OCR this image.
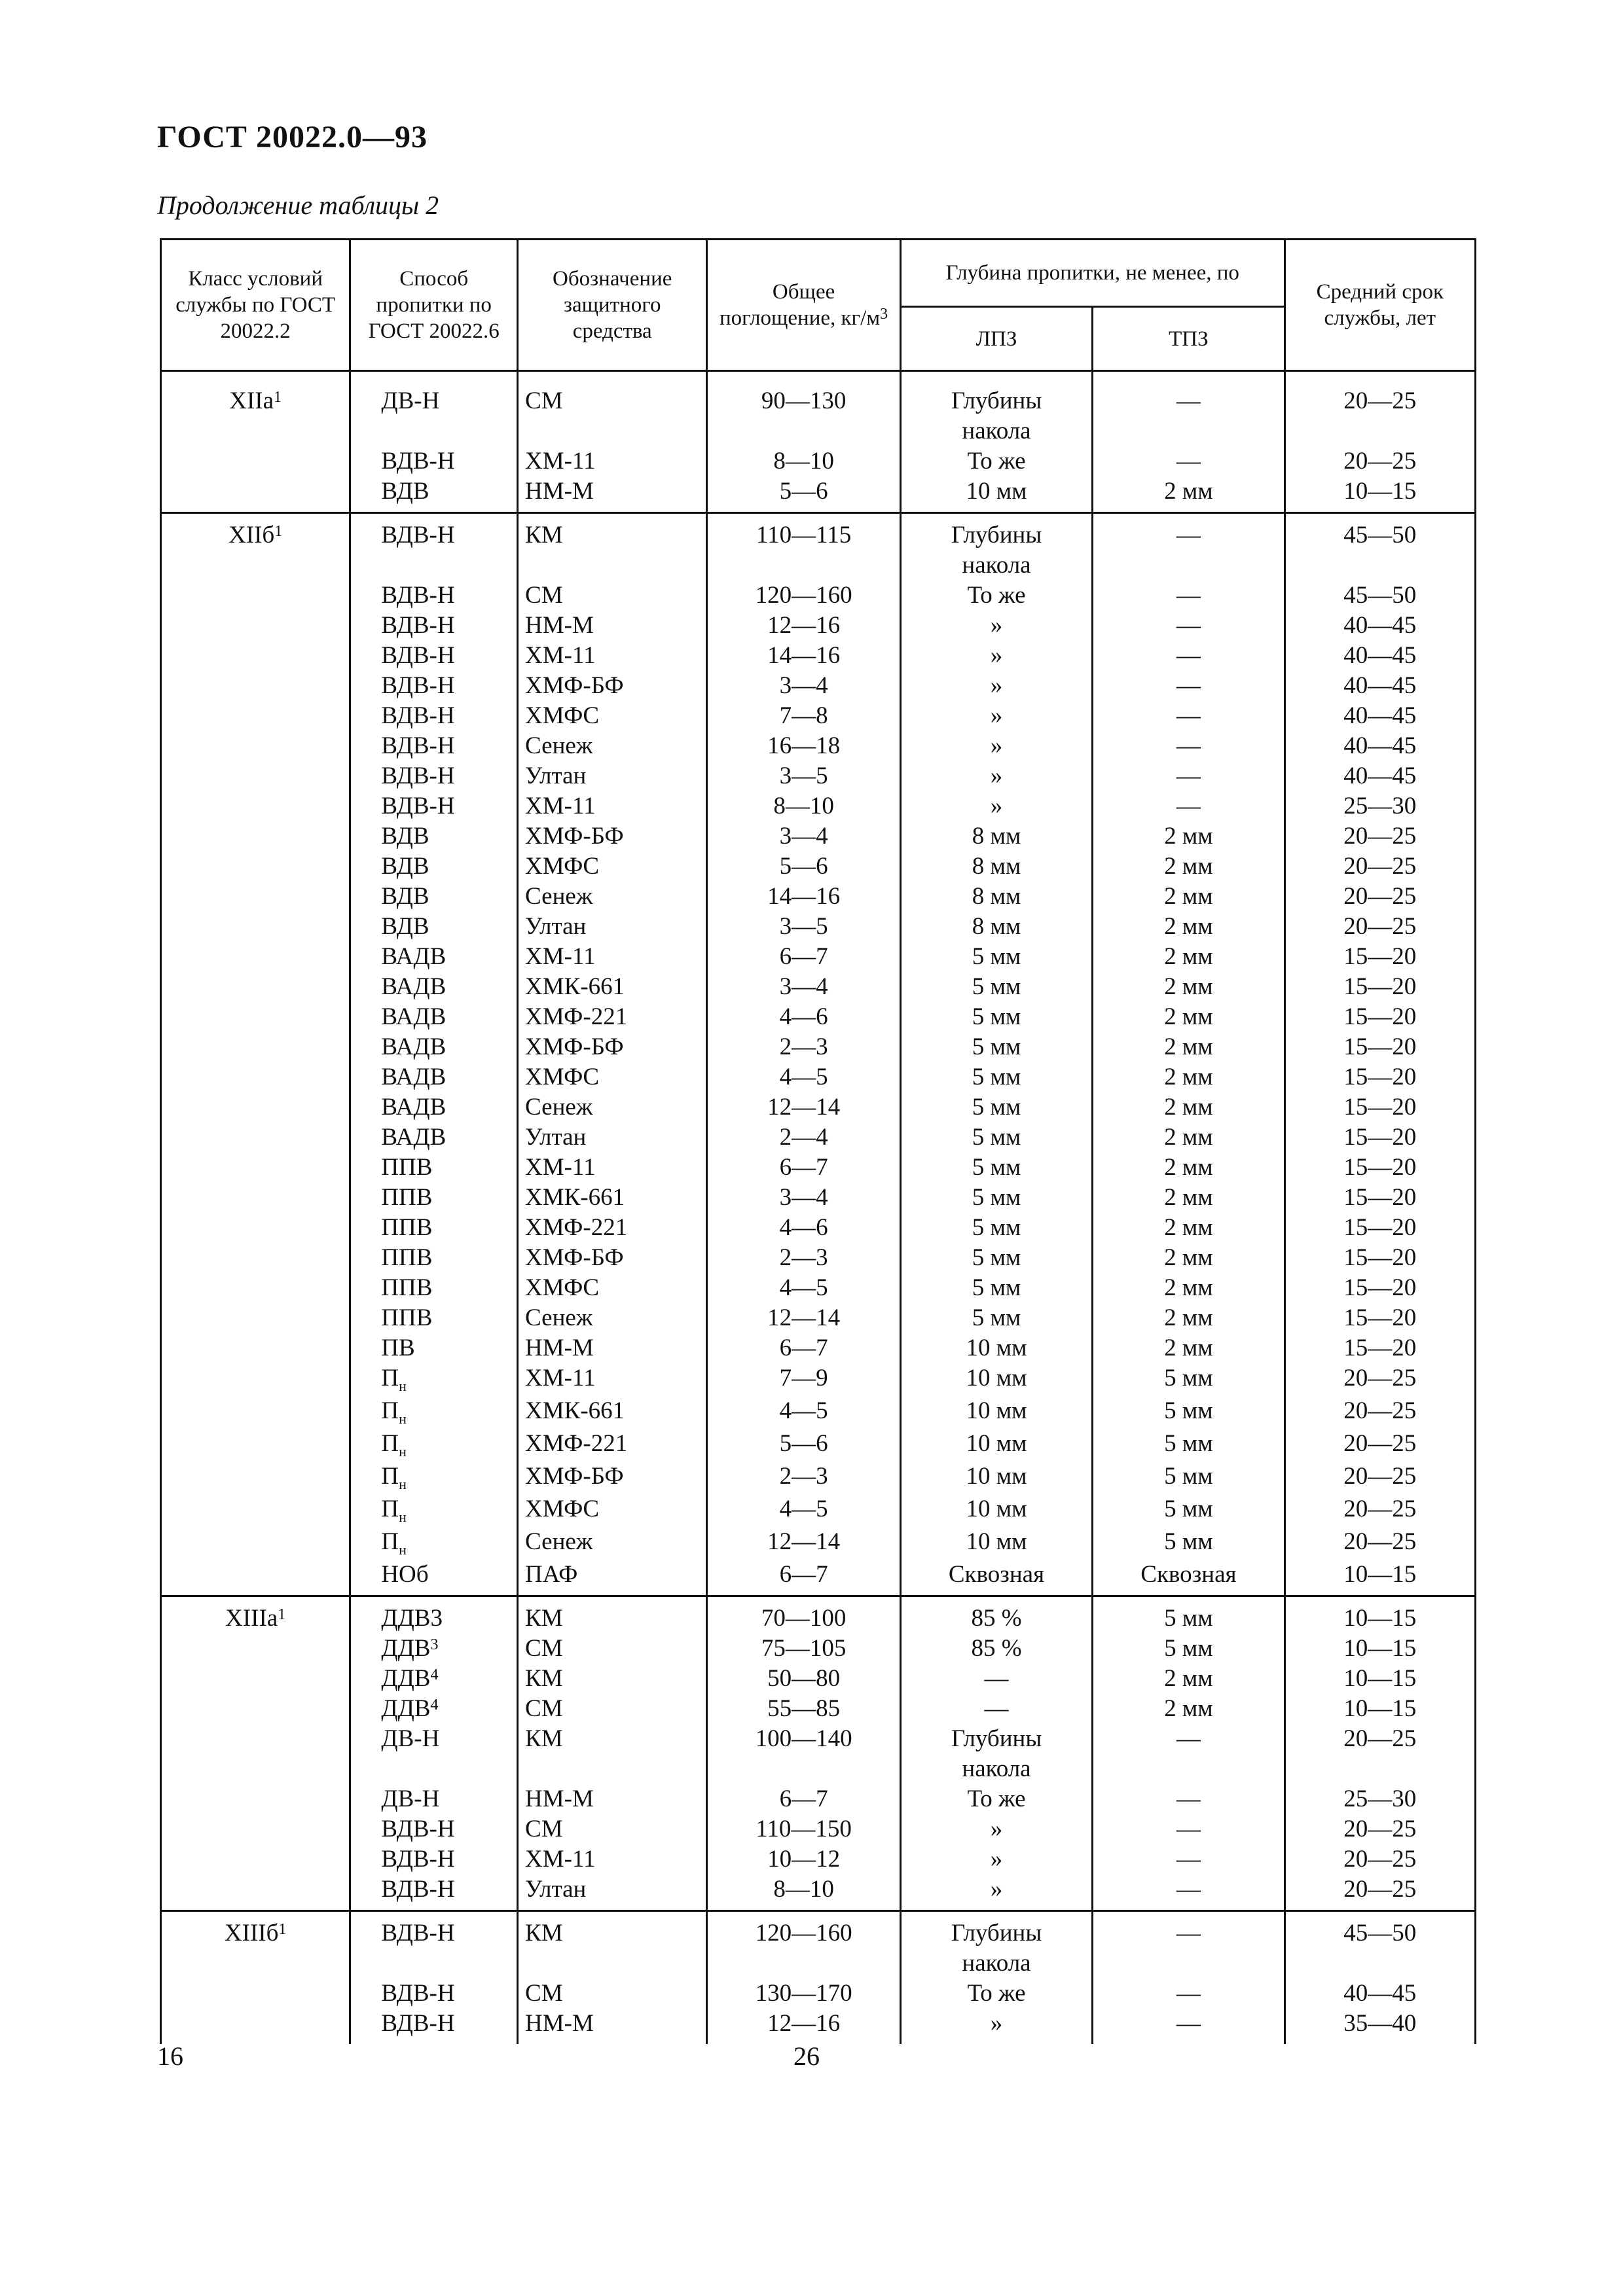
ГОСТ 20022.0—93
Продолжение таблицы 2
Класс условий службы по ГОСТ 20022.2	Способ пропитки по ГОСТ 20022.6	Обозначение защитного средства	Общее поглощение, $кг/м^3$	Глубина пропитки, не менее, по		Средний срок службы, лет
				ЛПЗ	ТПЗ	

XIIa$^1$	ДВ-Н	СМ	90—130	Глубины	—	20—25
				накола		
	ВДВ-Н	ХМ-11	8—10	То же	—	20—25
	ВДВ	НМ-М	5—6	10 мм	2 мм	10—15
XIIб$^1$	ВДВ-Н	КМ	110—115	Глубины	—	45—50
				накола		
	ВДВ-Н	СМ	120—160	То же	—	45—50
	ВДВ-Н	НМ-М	12—16	»	—	40—45
	ВДВ-Н	ХМ-11	14—16	»	—	40—45
	ВДВ-Н	ХМФ-БФ	3—4	»	—	40—45
	ВДВ-Н	ХМФС	7—8	»	—	40—45
	ВДВ-Н	Сенеж	16—18	»	—	40—45
	ВДВ-Н	Ултан	3—5	»	—	40—45
	ВДВ-Н	ХМ-11	8—10	»	—	25—30
	ВДВ	ХМФ-БФ	3—4	8 мм	2 мм	20—25
	ВДВ	ХМФС	5—6	8 мм	2 мм	20—25
	ВДВ	Сенеж	14—16	8 мм	2 мм	20—25
	ВДВ	Ултан	3—5	8 мм	2 мм	20—25
	ВАДВ	ХМ-11	6—7	5 мм	2 мм	15—20
	ВАДВ	ХМК-661	3—4	5 мм	2 мм	15—20
	ВАДВ	ХМФ-221	4—6	5 мм	2 мм	15—20
	ВАДВ	ХМФ-БФ	2—3	5 мм	2 мм	15—20
	ВАДВ	ХМФС	4—5	5 мм	2 мм	15—20
	ВАДВ	Сенеж	12—14	5 мм	2 мм	15—20
	ВАДВ	Ултан	2—4	5 мм	2 мм	15—20
	ППВ	ХМ-11	6—7	5 мм	2 мм	15—20
	ППВ	ХМК-661	3—4	5 мм	2 мм	15—20
	ППВ	ХМФ-221	4—6	5 мм	2 мм	15—20
	ППВ	ХМФ-БФ	2—3	5 мм	2 мм	15—20
	ППВ	ХМФС	4—5	5 мм	2 мм	15—20
	ППВ	Сенеж	12—14	5 мм	2 мм	15—20
	ПВ	НМ-М	6—7	10 мм	2 мм	15—20
	$П_н$	ХМ-11	7—9	10 мм	5 мм	20—25
	$П_н$	ХМК-661	4—5	10 мм	5 мм	20—25
	$П_н$	ХМФ-221	5—6	10 мм	5 мм	20—25
	$П_н$	ХМФ-БФ	2—3	10 мм	5 мм	20—25
	$П_н$	ХМФС	4—5	10 мм	5 мм	20—25
	$П_н$	Сенеж	12—14	10 мм	5 мм	20—25
	НОб	ПАФ	6—7	Сквозная	Сквозная	10—15
XIIIa$^1$	ДДВ3	КМ	70—100	85 %	5 мм	10—15
	ДДВ$^3$	СМ	75—105	85 %	5 мм	10—15
	ДДВ$^4$	КМ	50—80	—	2 мм	10—15
	ДДВ$^4$	СМ	55—85	—	2 мм	10—15
	ДВ-Н	КМ	100—140	Глубины	—	20—25
				накола		
	ДВ-Н	НМ-М	6—7	То же	—	25—30
	ВДВ-Н	СМ	110—150	»	—	20—25
	ВДВ-Н	ХМ-11	10—12	»	—	20—25
	ВДВ-Н	Ултан	8—10	»	—	20—25
XIIIб$^1$	ВДВ-Н	КМ	120—160	Глубины	—	45—50
				накола		
	ВДВ-Н	СМ	130—170	То же	—	40—45
	ВДВ-Н	НМ-М	12—16	»	—	35—40
16	26
